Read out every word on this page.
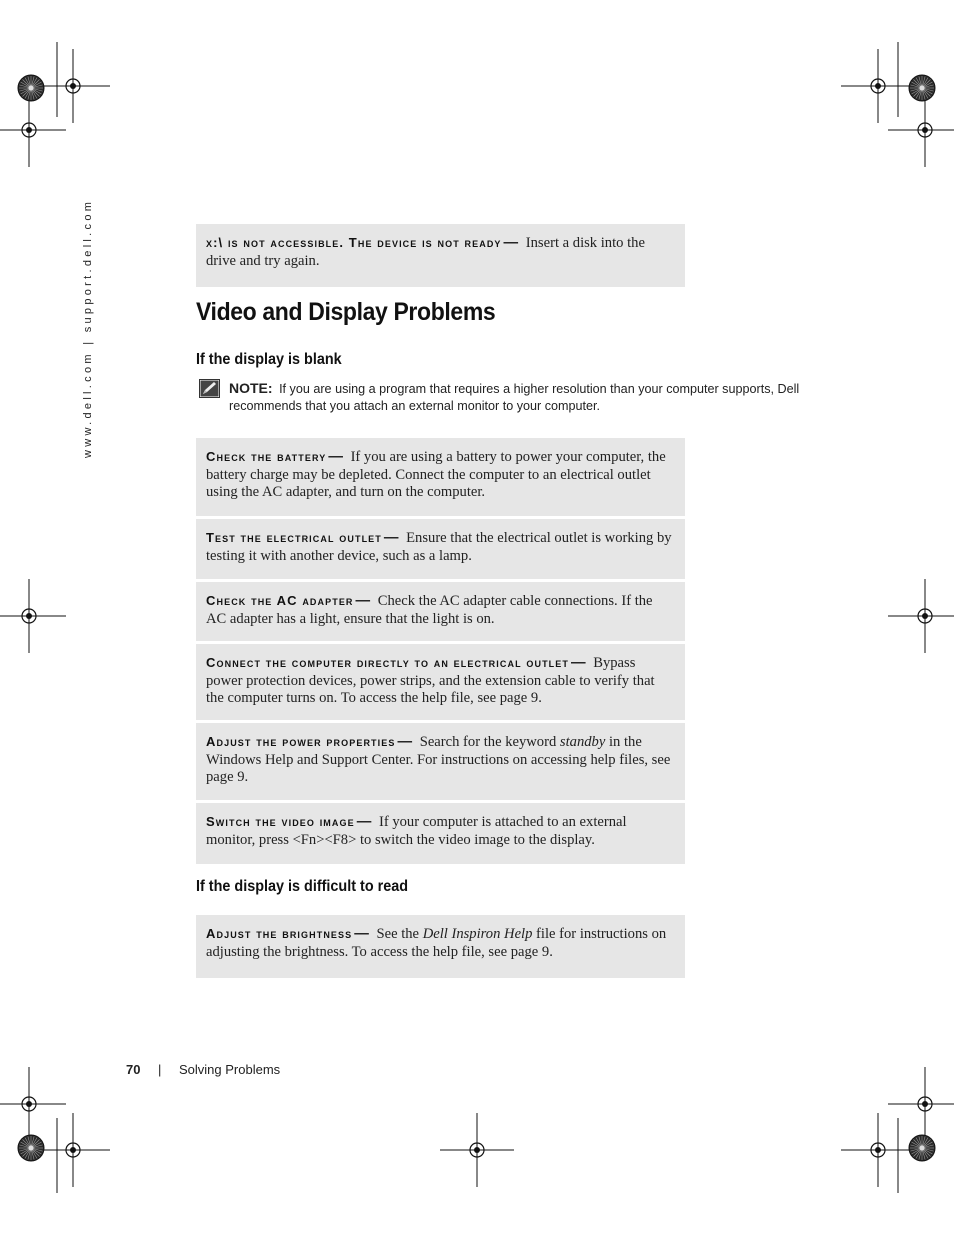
www.dell.com | support.dell.com	x:\ is not accessible. The device is not ready — Insert a disk into the drive and try again.
Video and Display Problems
If the display is blank
NOTE: If you are using a program that requires a higher resolution than your computer supports, Dell recommends that you attach an external monitor to your computer.
Check the battery — If you are using a battery to power your computer, the battery charge may be depleted. Connect the computer to an electrical outlet using the AC adapter, and turn on the computer.
Test the electrical outlet — Ensure that the electrical outlet is working by testing it with another device, such as a lamp.
Check the AC adapter — Check the AC adapter cable connections. If the AC adapter has a light, ensure that the light is on.
Connect the computer directly to an electrical outlet — Bypass power protection devices, power strips, and the extension cable to verify that the computer turns on. To access the help file, see page 9.
Adjust the power properties — Search for the keyword standby in the Windows Help and Support Center. For instructions on accessing help files, see page 9.
Switch the video image — If your computer is attached to an external monitor, press <Fn><F8> to switch the video image to the display.
If the display is difficult to read
Adjust the brightness — See the Dell Inspiron Help file for instructions on adjusting the brightness. To access the help file, see page 9.
70 | Solving Problems
